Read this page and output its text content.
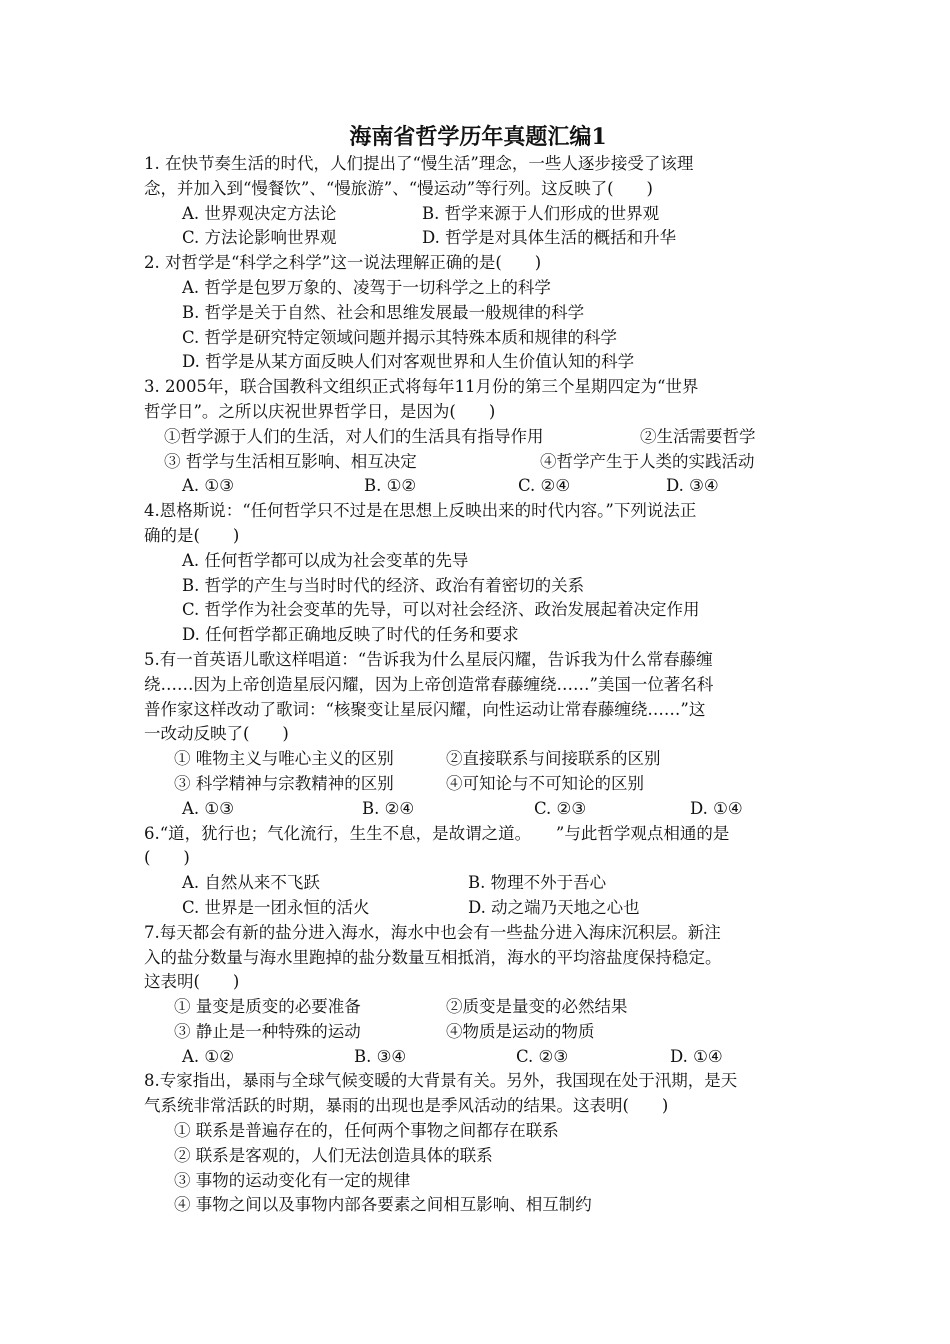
海南省哲学历年真题汇编1
1. 在快节奏生活的时代，人们提出了“慢生活”理念，一些人逐步接受了该理
念，并加入到“慢餐饮”、“慢旅游”、“慢运动”等行列。这反映了(　　)
A. 世界观决定方法论	B. 哲学来源于人们形成的世界观
C. 方法论影响世界观	D. 哲学是对具体生活的概括和升华
2. 对哲学是“科学之科学”这一说法理解正确的是(　　)
A. 哲学是包罗万象的、凌驾于一切科学之上的科学
B. 哲学是关于自然、社会和思维发展最一般规律的科学
C. 哲学是研究特定领域问题并揭示其特殊本质和规律的科学
D. 哲学是从某方面反映人们对客观世界和人生价值认知的科学
3. 2005年，联合国教科文组织正式将每年11月份的第三个星期四定为“世界
哲学日”。之所以庆祝世界哲学日，是因为(　　)
①哲学源于人们的生活，对人们的生活具有指导作用	②生活需要哲学
③ 哲学与生活相互影响、相互决定	④哲学产生于人类的实践活动
A. ①③	B. ①②	C. ②④	D. ③④
4.恩格斯说：“任何哲学只不过是在思想上反映出来的时代内容。”下列说法正
确的是(　　)
A. 任何哲学都可以成为社会变革的先导
B. 哲学的产生与当时时代的经济、政治有着密切的关系
C. 哲学作为社会变革的先导，可以对社会经济、政治发展起着决定作用
D. 任何哲学都正确地反映了时代的任务和要求
5.有一首英语儿歌这样唱道：“告诉我为什么星辰闪耀，告诉我为什么常春藤缠
绕……因为上帝创造星辰闪耀，因为上帝创造常春藤缠绕……”美国一位著名科
普作家这样改动了歌词：“核聚变让星辰闪耀，向性运动让常春藤缠绕……”这
一改动反映了(　　)
① 唯物主义与唯心主义的区别	②直接联系与间接联系的区别
③ 科学精神与宗教精神的区别	④可知论与不可知论的区别
A. ①③	B. ②④	C. ②③	D. ①④
6.“道，犹行也；气化流行，生生不息，是故谓之道。　　”与此哲学观点相通的是
(　　)
A. 自然从来不飞跃	B. 物理不外于吾心
C. 世界是一团永恒的活火	D. 动之端乃天地之心也
7.每天都会有新的盐分进入海水，海水中也会有一些盐分进入海床沉积层。新注
入的盐分数量与海水里跑掉的盐分数量互相抵消，海水的平均溶盐度保持稳定。
这表明(　　)
① 量变是质变的必要准备	②质变是量变的必然结果
③ 静止是一种特殊的运动	④物质是运动的物质
A. ①②	B. ③④	C. ②③	D. ①④
8.专家指出，暴雨与全球气候变暖的大背景有关。另外，我国现在处于汛期，是天
气系统非常活跃的时期，暴雨的出现也是季风活动的结果。这表明(　　)
① 联系是普遍存在的，任何两个事物之间都存在联系
② 联系是客观的，人们无法创造具体的联系
③ 事物的运动变化有一定的规律
④ 事物之间以及事物内部各要素之间相互影响、相互制约
